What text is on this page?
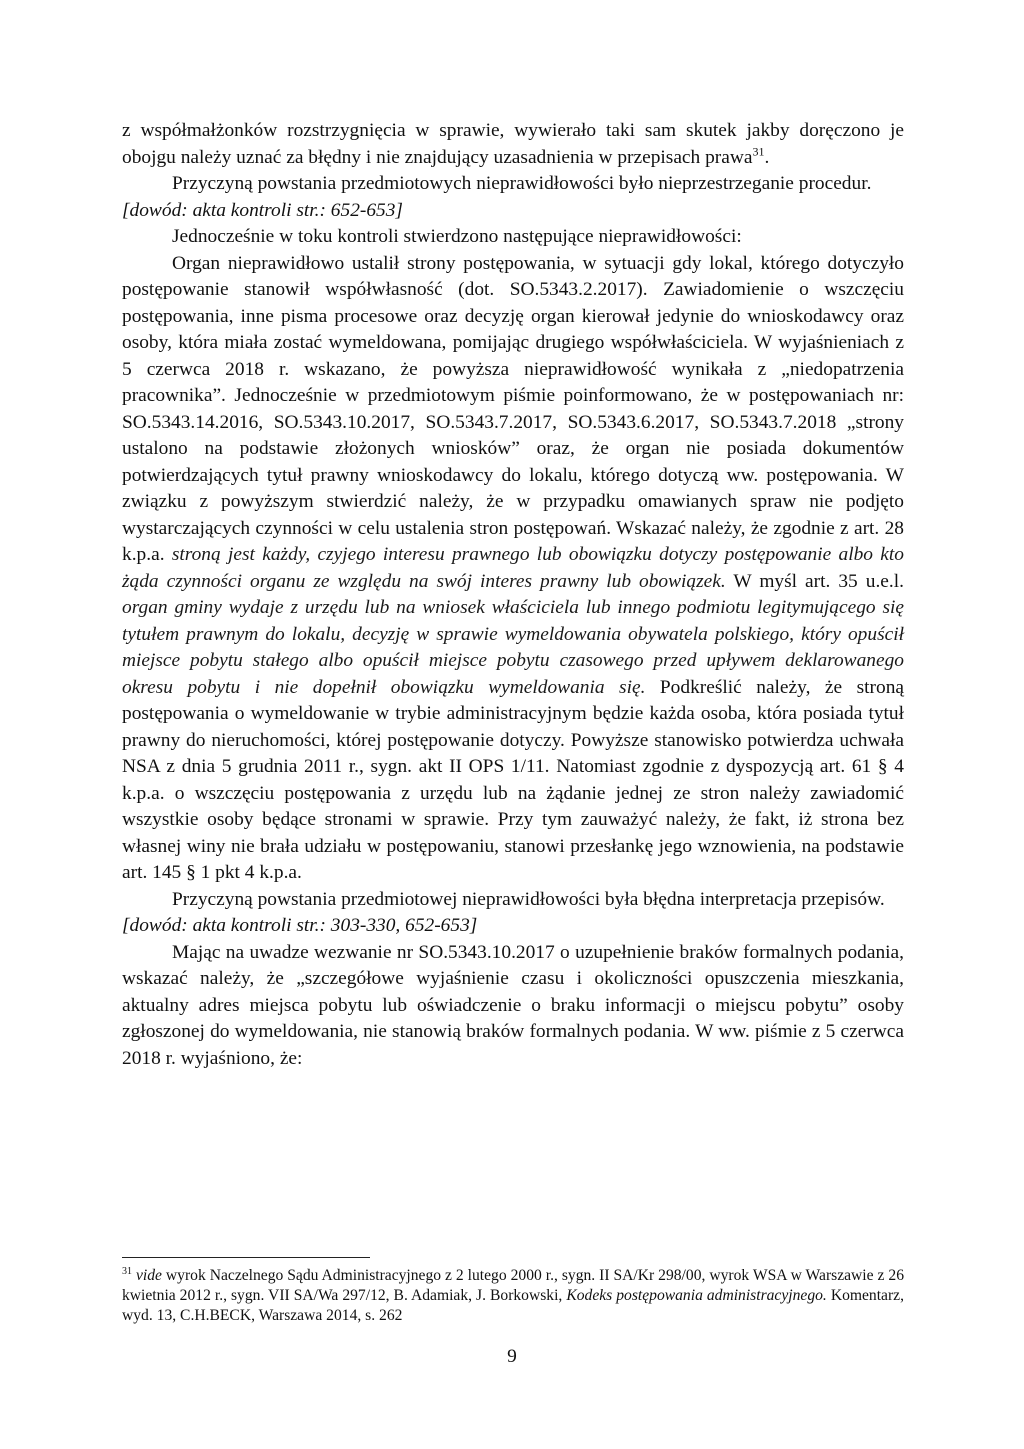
z współmałżonków rozstrzygnięcia w sprawie, wywierało taki sam skutek jakby doręczono je obojgu należy uznać za błędny i nie znajdujący uzasadnienia w przepisach prawa$^{31}$.

Przyczyną powstania przedmiotowych nieprawidłowości było nieprzestrzeganie procedur.

[dowód: akta kontroli str.: 652-653]

Jednocześnie w toku kontroli stwierdzono następujące nieprawidłowości:

Organ nieprawidłowo ustalił strony postępowania, w sytuacji gdy lokal, którego dotyczyło postępowanie stanowił współwłasność (dot. SO.5343.2.2017). Zawiadomienie o wszczęciu postępowania, inne pisma procesowe oraz decyzję organ kierował jedynie do wnioskodawcy oraz osoby, która miała zostać wymeldowana, pomijając drugiego współwłaściciela. W wyjaśnieniach z 5 czerwca 2018 r. wskazano, że powyższa nieprawidłowość wynikała z „niedopatrzenia pracownika”. Jednocześnie w przedmiotowym piśmie poinformowano, że w postępowaniach nr: SO.5343.14.2016, SO.5343.10.2017, SO.5343.7.2017, SO.5343.6.2017, SO.5343.7.2018 „strony ustalono na podstawie złożonych wniosków” oraz, że organ nie posiada dokumentów potwierdzających tytuł prawny wnioskodawcy do lokalu, którego dotyczą ww. postępowania. W związku z powyższym stwierdzić należy, że w przypadku omawianych spraw nie podjęto wystarczających czynności w celu ustalenia stron postępowań. Wskazać należy, że zgodnie z art. 28 k.p.a. stroną jest każdy, czyjego interesu prawnego lub obowiązku dotyczy postępowanie albo kto żąda czynności organu ze względu na swój interes prawny lub obowiązek. W myśl art. 35 u.e.l. organ gminy wydaje z urzędu lub na wniosek właściciela lub innego podmiotu legitymującego się tytułem prawnym do lokalu, decyzję w sprawie wymeldowania obywatela polskiego, który opuścił miejsce pobytu stałego albo opuścił miejsce pobytu czasowego przed upływem deklarowanego okresu pobytu i nie dopełnił obowiązku wymeldowania się. Podkreślić należy, że stroną postępowania o wymeldowanie w trybie administracyjnym będzie każda osoba, która posiada tytuł prawny do nieruchomości, której postępowanie dotyczy. Powyższe stanowisko potwierdza uchwała NSA z dnia 5 grudnia 2011 r., sygn. akt II OPS 1/11. Natomiast zgodnie z dyspozycją art. 61 § 4 k.p.a. o wszczęciu postępowania z urzędu lub na żądanie jednej ze stron należy zawiadomić wszystkie osoby będące stronami w sprawie. Przy tym zauważyć należy, że fakt, iż strona bez własnej winy nie brała udziału w postępowaniu, stanowi przesłankę jego wznowienia, na podstawie art. 145 § 1 pkt 4 k.p.a.

Przyczyną powstania przedmiotowej nieprawidłowości była błędna interpretacja przepisów.

[dowód: akta kontroli str.: 303-330, 652-653]

Mając na uwadze wezwanie nr SO.5343.10.2017 o uzupełnienie braków formalnych podania, wskazać należy, że „szczegółowe wyjaśnienie czasu i okoliczności opuszczenia mieszkania, aktualny adres miejsca pobytu lub oświadczenie o braku informacji o miejscu pobytu” osoby zgłoszonej do wymeldowania, nie stanowią braków formalnych podania. W ww. piśmie z 5 czerwca 2018 r. wyjaśniono, że:

$^{31}$ vide wyrok Naczelnego Sądu Administracyjnego z 2 lutego 2000 r., sygn. II SA/Kr 298/00, wyrok WSA w Warszawie z 26 kwietnia 2012 r., sygn. VII SA/Wa 297/12, B. Adamiak, J. Borkowski, Kodeks postępowania administracyjnego. Komentarz, wyd. 13, C.H.BECK, Warszawa 2014, s. 262

9
